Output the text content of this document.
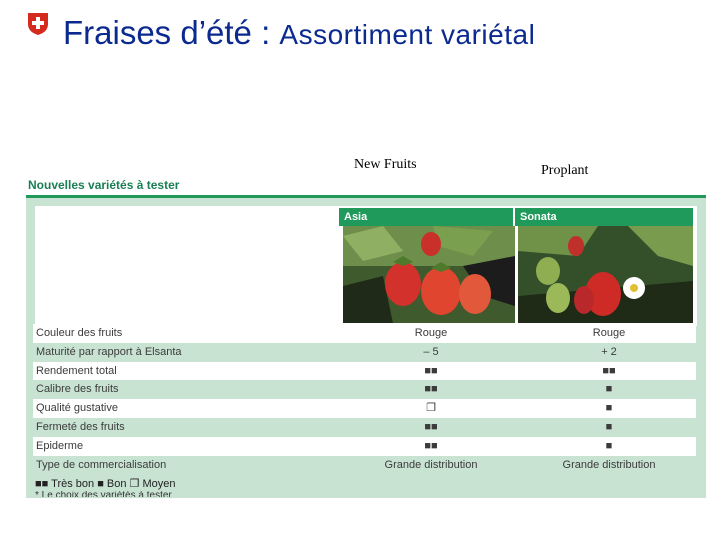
Fraises d’été : Assortiment variétal
New Fruits	Proplant
Nouvelles variétés à tester
Asia	Sonata
Couleur des fruits	Rouge	Rouge
Maturité par rapport à Elsanta	– 5	+ 2
Rendement total	■■	■■
Calibre des fruits	■■	■
Qualité gustative	❐	■
Fermeté des fruits	■■	■
Epiderme	■■	■
Type de commercialisation	Grande distribution	Grande distribution
■■ Très bon ■ Bon ❐ Moyen
* Le choix des variétés à tester
